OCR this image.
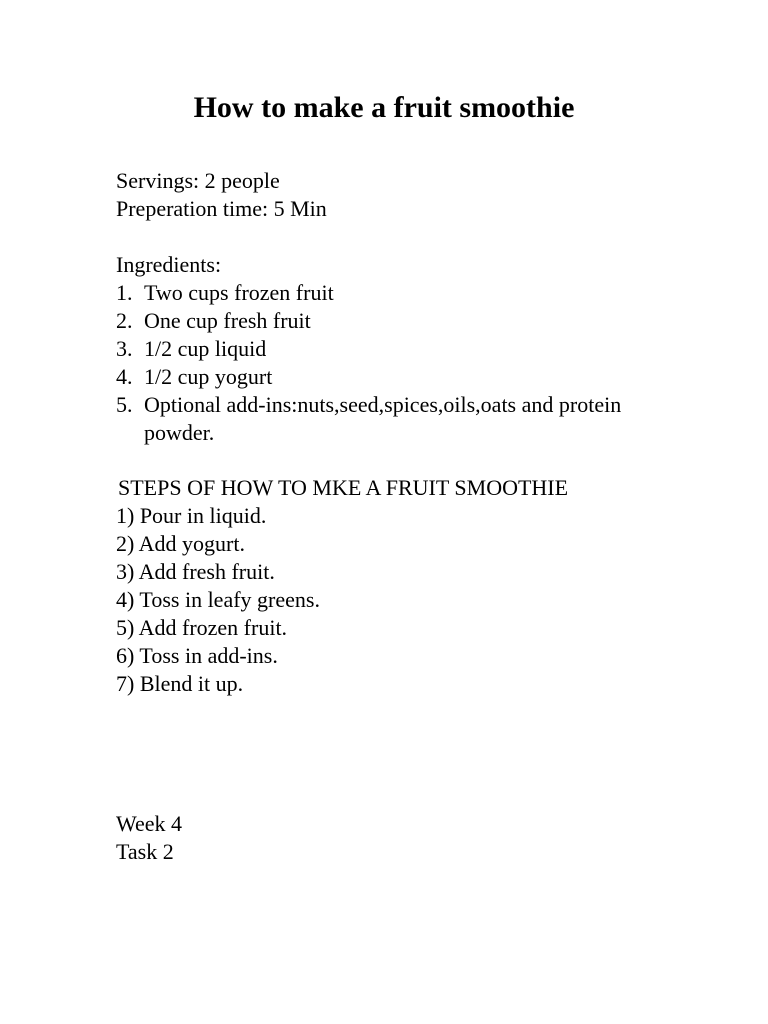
How to make a fruit smoothie
Servings: 2 people
Preperation time: 5 Min
Ingredients:
1. Two cups frozen fruit
2. One cup fresh fruit
3. 1/2 cup liquid
4. 1/2 cup yogurt
5. Optional add-ins:nuts,seed,spices,oils,oats and protein powder.
STEPS OF HOW TO MKE A FRUIT SMOOTHIE
1) Pour in liquid.
2) Add yogurt.
3) Add fresh fruit.
4) Toss in leafy greens.
5) Add frozen fruit.
6) Toss in add-ins.
7) Blend it up.
Week 4
Task 2
